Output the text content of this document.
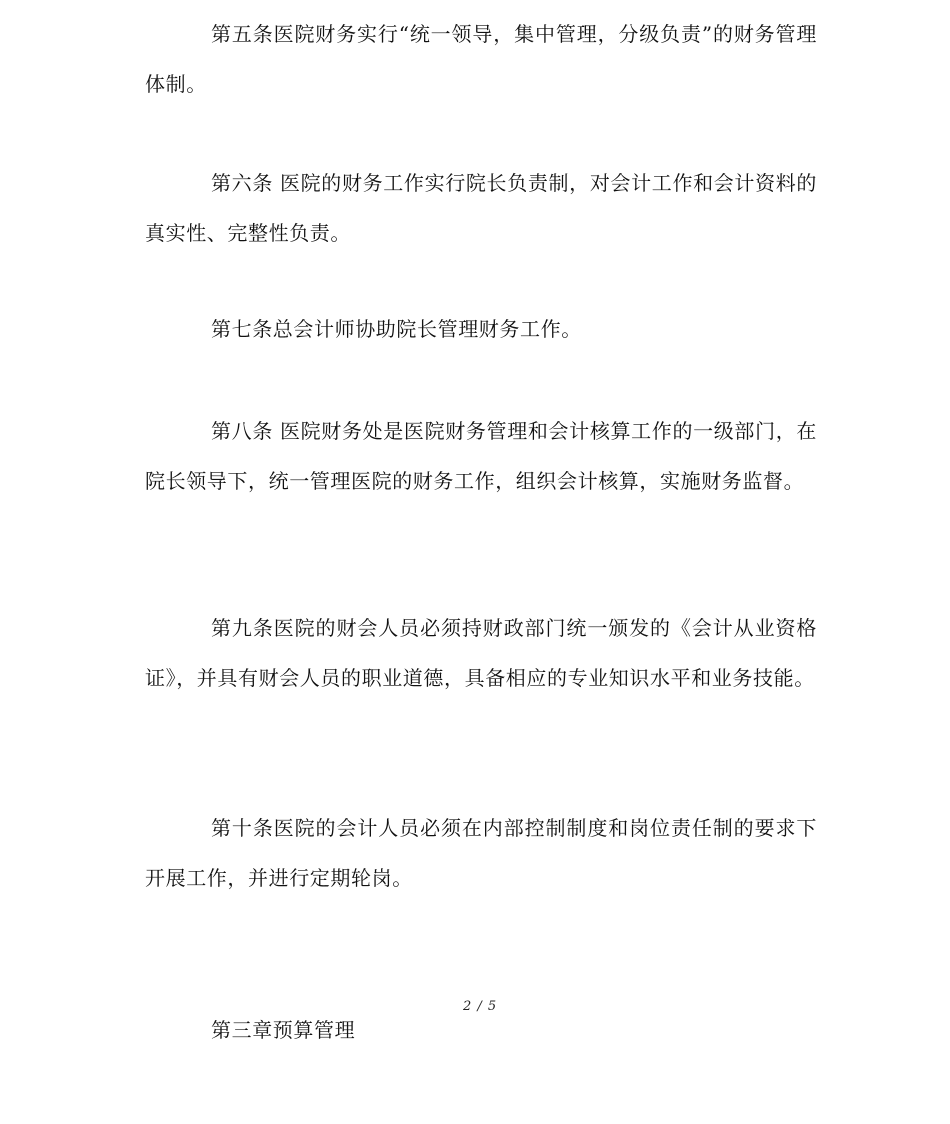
第五条医院财务实行“统一领导，集中管理，分级负责”的财务管理体制。

第六条 医院的财务工作实行院长负责制，对会计工作和会计资料的真实性、完整性负责。

第七条总会计师协助院长管理财务工作。

第八条 医院财务处是医院财务管理和会计核算工作的一级部门，在院长领导下，统一管理医院的财务工作，组织会计核算，实施财务监督。

第九条医院的财会人员必须持财政部门统一颁发的《会计从业资格证》，并具有财会人员的职业道德，具备相应的专业知识水平和业务技能。

第十条医院的会计人员必须在内部控制制度和岗位责任制的要求下开展工作，并进行定期轮岗。

2 / 5

第三章预算管理
